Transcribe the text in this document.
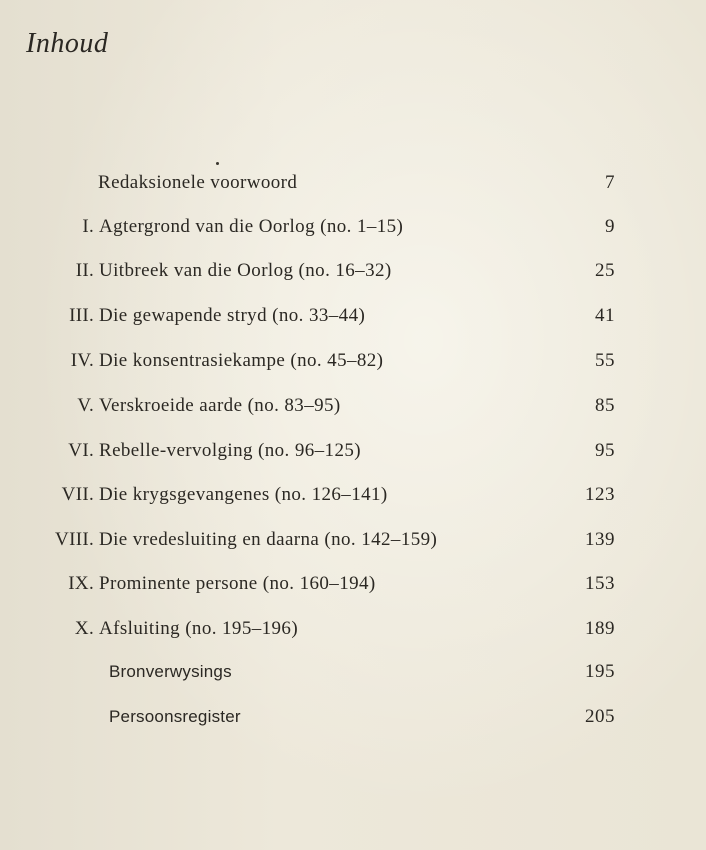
Inhoud
Redaksionele voorwoord	7
I. Agtergrond van die Oorlog (no. 1–15)	9
II. Uitbreek van die Oorlog (no. 16–32)	25
III. Die gewapende stryd (no. 33–44)	41
IV. Die konsentrasiekampe (no. 45–82)	55
V. Verskroeide aarde (no. 83–95)	85
VI. Rebelle-vervolging (no. 96–125)	95
VII. Die krygsgevangenes (no. 126–141)	123
VIII. Die vredesluiting en daarna (no. 142–159)	139
IX. Prominente persone (no. 160–194)	153
X. Afsluiting (no. 195–196)	189
Bronverwysings	195
Persoonsregister	205
